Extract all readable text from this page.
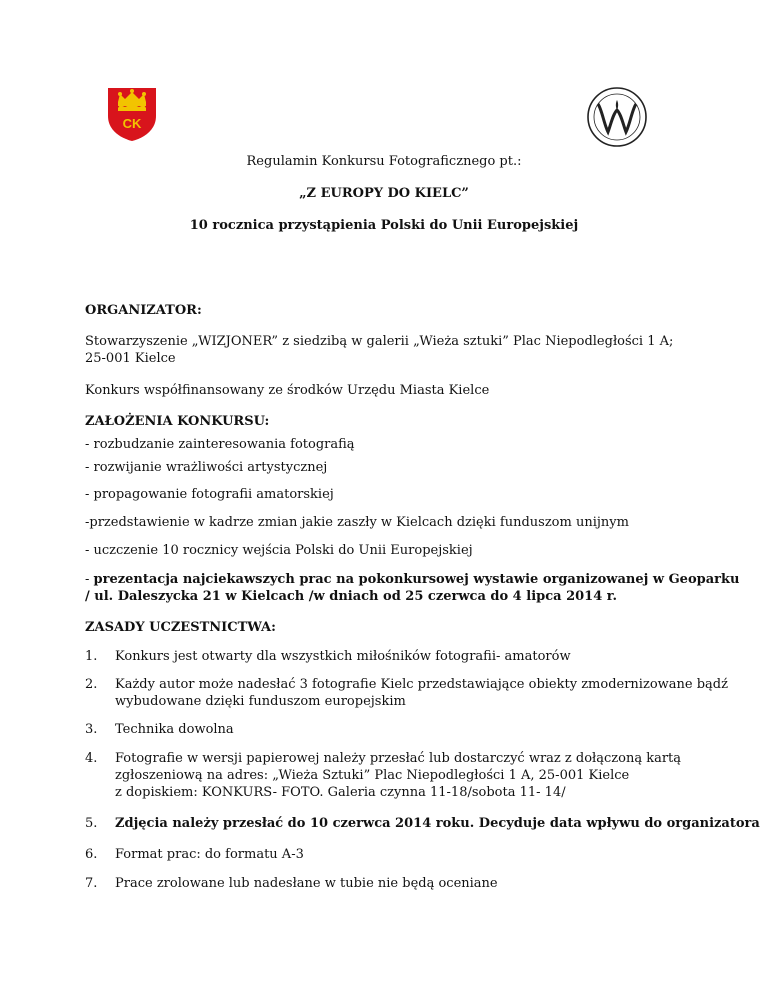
CK
Regulamin Konkursu Fotograficznego pt.:
„Z EUROPY DO KIELC”
10 rocznica przystąpienia Polski do Unii Europejskiej
ORGANIZATOR:
Stowarzyszenie „WIZJONER” z siedzibą w galerii „Wieża sztuki” Plac Niepodległości 1 A;
25-001 Kielce
Konkurs współfinansowany ze środków Urzędu Miasta Kielce
ZAŁOŻENIA KONKURSU:
- rozbudzanie zainteresowania fotografią
- rozwijanie wrażliwości artystycznej
- propagowanie fotografii amatorskiej
-przedstawienie w kadrze zmian jakie zaszły w Kielcach dzięki funduszom unijnym
- uczczenie 10 rocznicy wejścia Polski do Unii Europejskiej
- prezentacja najciekawszych prac na pokonkursowej wystawie organizowanej w Geoparku
/ ul. Daleszycka 21 w Kielcach /w dniach od 25 czerwca do 4 lipca 2014 r.
ZASADY UCZESTNICTWA:
1. Konkurs jest otwarty dla wszystkich miłośników fotografii- amatorów
2. Każdy autor może nadesłać 3 fotografie Kielc przedstawiające obiekty zmodernizowane bądź
wybudowane dzięki funduszom europejskim
3. Technika dowolna
4. Fotografie w wersji papierowej należy przesłać lub dostarczyć wraz z dołączoną kartą
zgłoszeniową na adres: „Wieża Sztuki” Plac Niepodległości 1 A, 25-001 Kielce
z dopiskiem: KONKURS- FOTO. Galeria czynna 11-18/sobota 11- 14/
5. Zdjęcia należy przesłać do 10 czerwca 2014 roku. Decyduje data wpływu do organizatora
6. Format prac: do formatu A-3
7. Prace zrolowane lub nadesłane w tubie nie będą oceniane
